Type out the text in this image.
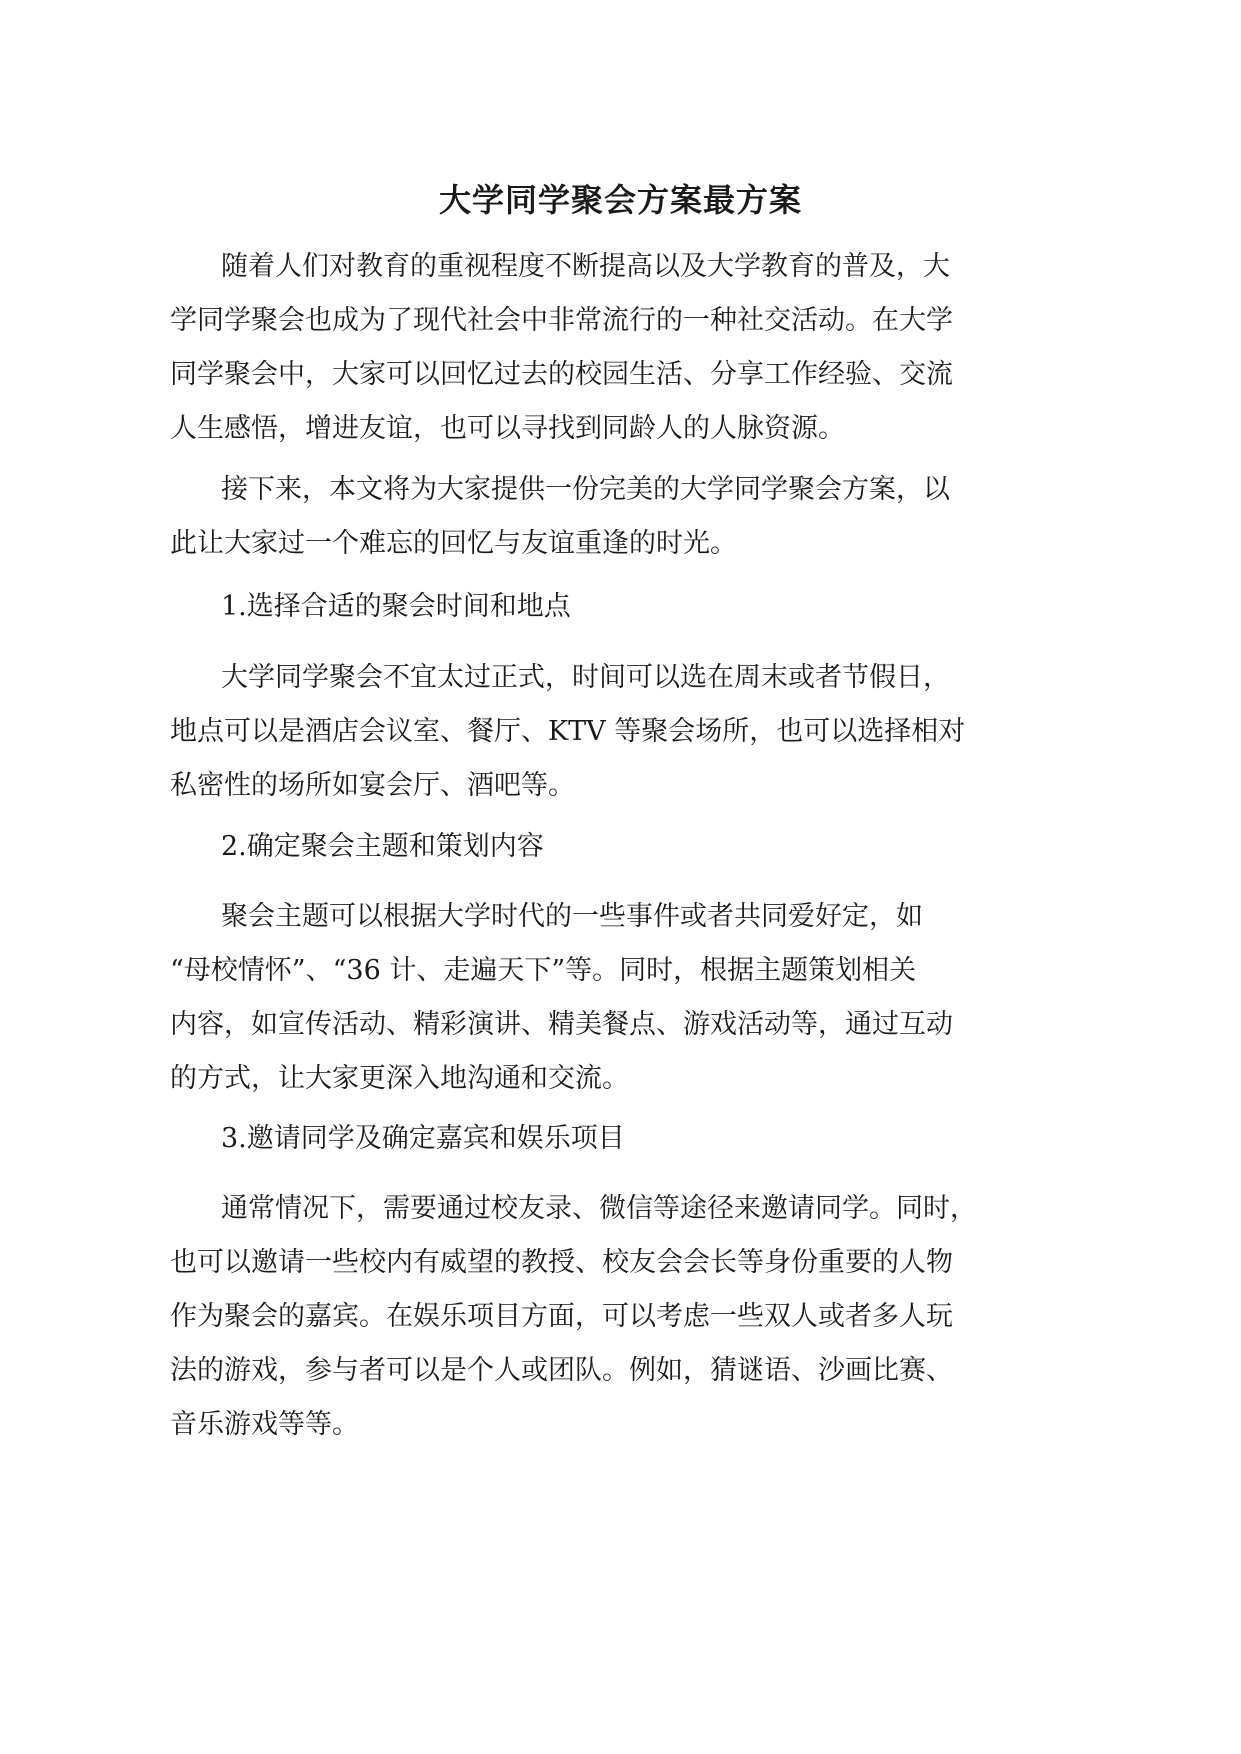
大学同学聚会方案最方案
随着人们对教育的重视程度不断提高以及大学教育的普及，大
学同学聚会也成为了现代社会中非常流行的一种社交活动。在大学
同学聚会中，大家可以回忆过去的校园生活、分享工作经验、交流
人生感悟，增进友谊，也可以寻找到同龄人的人脉资源。
接下来，本文将为大家提供一份完美的大学同学聚会方案，以
此让大家过一个难忘的回忆与友谊重逢的时光。
1.选择合适的聚会时间和地点
大学同学聚会不宜太过正式，时间可以选在周末或者节假日，
地点可以是酒店会议室、餐厅、KTV 等聚会场所，也可以选择相对
私密性的场所如宴会厅、酒吧等。
2.确定聚会主题和策划内容
聚会主题可以根据大学时代的一些事件或者共同爱好定，如
“母校情怀”、“36 计、走遍天下”等。同时，根据主题策划相关
内容，如宣传活动、精彩演讲、精美餐点、游戏活动等，通过互动
的方式，让大家更深入地沟通和交流。
3.邀请同学及确定嘉宾和娱乐项目
通常情况下，需要通过校友录、微信等途径来邀请同学。同时，
也可以邀请一些校内有威望的教授、校友会会长等身份重要的人物
作为聚会的嘉宾。在娱乐项目方面，可以考虑一些双人或者多人玩
法的游戏，参与者可以是个人或团队。例如，猜谜语、沙画比赛、
音乐游戏等等。
